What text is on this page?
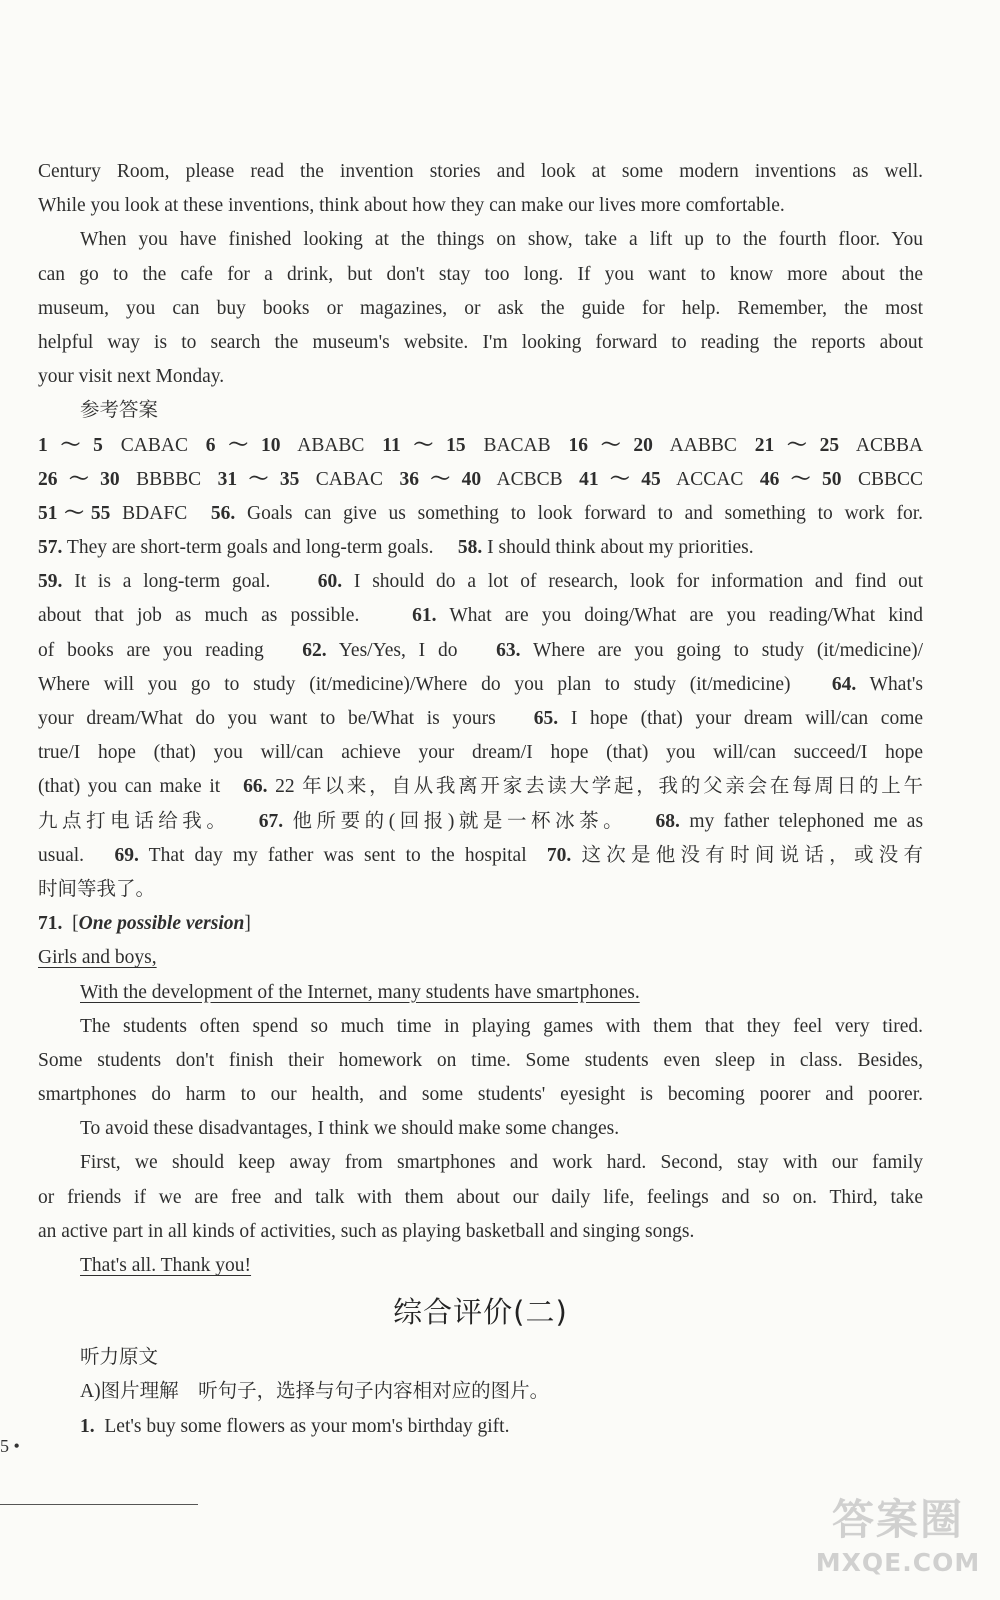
Century Room, please read the invention stories and look at some modern inventions as well.
While you look at these inventions, think about how they can make our lives more comfortable.
When you have finished looking at the things on show, take a lift up to the fourth floor. You
can go to the cafe for a drink, but don't stay too long. If you want to know more about the
museum, you can buy books or magazines, or ask the guide for help. Remember, the most
helpful way is to search the museum's website. I'm looking forward to reading the reports about
your visit next Monday.
参考答案
1～5 CABAC 6～10 ABABC 11～15 BACAB 16～20 AABBC 21～25 ACBBA
26～30 BBBBC 31～35 CABAC 36～40 ACBCB 41～45 ACCAC 46～50 CBBCC
51～55 BDAFC 56. Goals can give us something to look forward to and something to work for.
57. They are short-term goals and long-term goals. 58. I should think about my priorities.
59. It is a long-term goal. 60. I should do a lot of research, look for information and find out
about that job as much as possible.	61. What are you doing/What are you reading/What kind
of books are you reading 62. Yes/Yes, I do 63. Where are you going to study (it/medicine)/
Where will you go to study (it/medicine)/Where do you plan to study (it/medicine) 64. What's
your dream/What do you want to be/What is yours 65. I hope (that) your dream will/can come
true/I hope (that) you will/can achieve your dream/I hope (that) you will/can succeed/I hope
(that) you can make it 66. 22 年以来，自从我离开家去读大学起，我的父亲会在每周日的上午
九点打电话给我。 67. 他所要的(回报)就是一杯冰茶。 68. my father telephoned me as
usual. 69. That day my father was sent to the hospital 70. 这次是他没有时间说话，或没有
时间等我了。
71.  [One possible version]
Girls and boys,
With the development of the Internet, many students have smartphones.
The students often spend so much time in playing games with them that they feel very tired.
Some students don't finish their homework on time. Some students even sleep in class. Besides,
smartphones do harm to our health, and some students' eyesight is becoming poorer and poorer.
To avoid these disadvantages, I think we should make some changes.
First, we should keep away from smartphones and work hard. Second, stay with our family
or friends if we are free and talk with them about our daily life, feelings and so on. Third, take
an active part in all kinds of activities, such as playing basketball and singing songs.
That's all. Thank you!
综合评价(二)
听力原文
A)图片理解　听句子，选择与句子内容相对应的图片。
1. Let's buy some flowers as your mom's birthday gift.
5 •
答案圈
MXQE.COM
